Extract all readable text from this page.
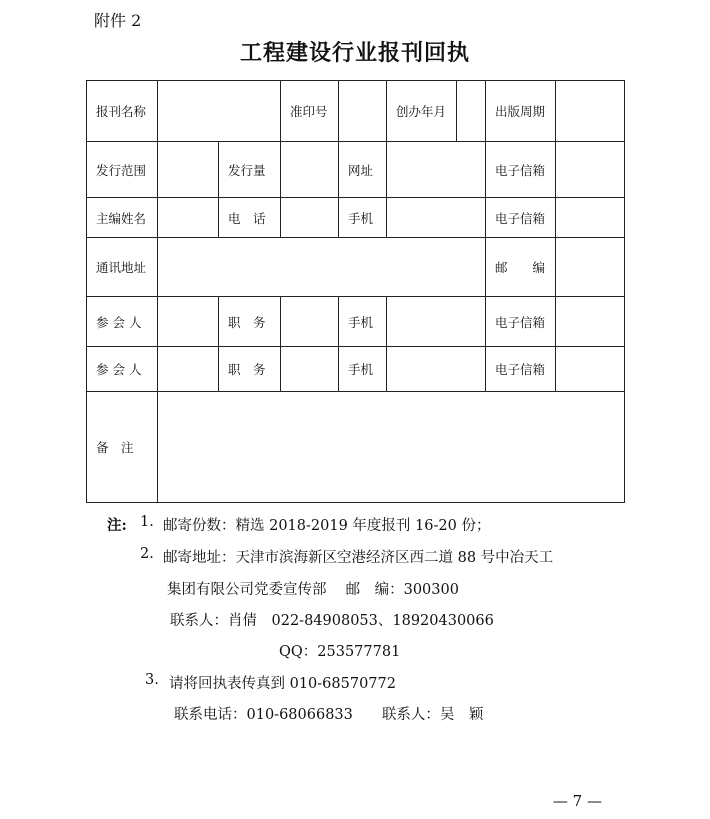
附件 2
工程建设行业报刊回执
报刊名称			准印号		创办年月		出版周期	
发行范围		发行量		网址			电子信箱	
主编姓名		电　话		手机			电子信箱	
通讯地址							邮　　编	
参 会 人		职　务		手机			电子信箱	
参 会 人		职　务		手机			电子信箱	
备　注								
注: 1. 邮寄份数：精选 2018-2019 年度报刊 16-20 份；
2. 邮寄地址：天津市滨海新区空港经济区西二道 88 号中冶天工
集团有限公司党委宣传部　 邮　编：300300
联系人：肖倩　022-84908053、18920430066
QQ：253577781
3. 请将回执表传真到 010-68570772
联系电话：010-68066833　　联系人：吴　颖
— 7 —
